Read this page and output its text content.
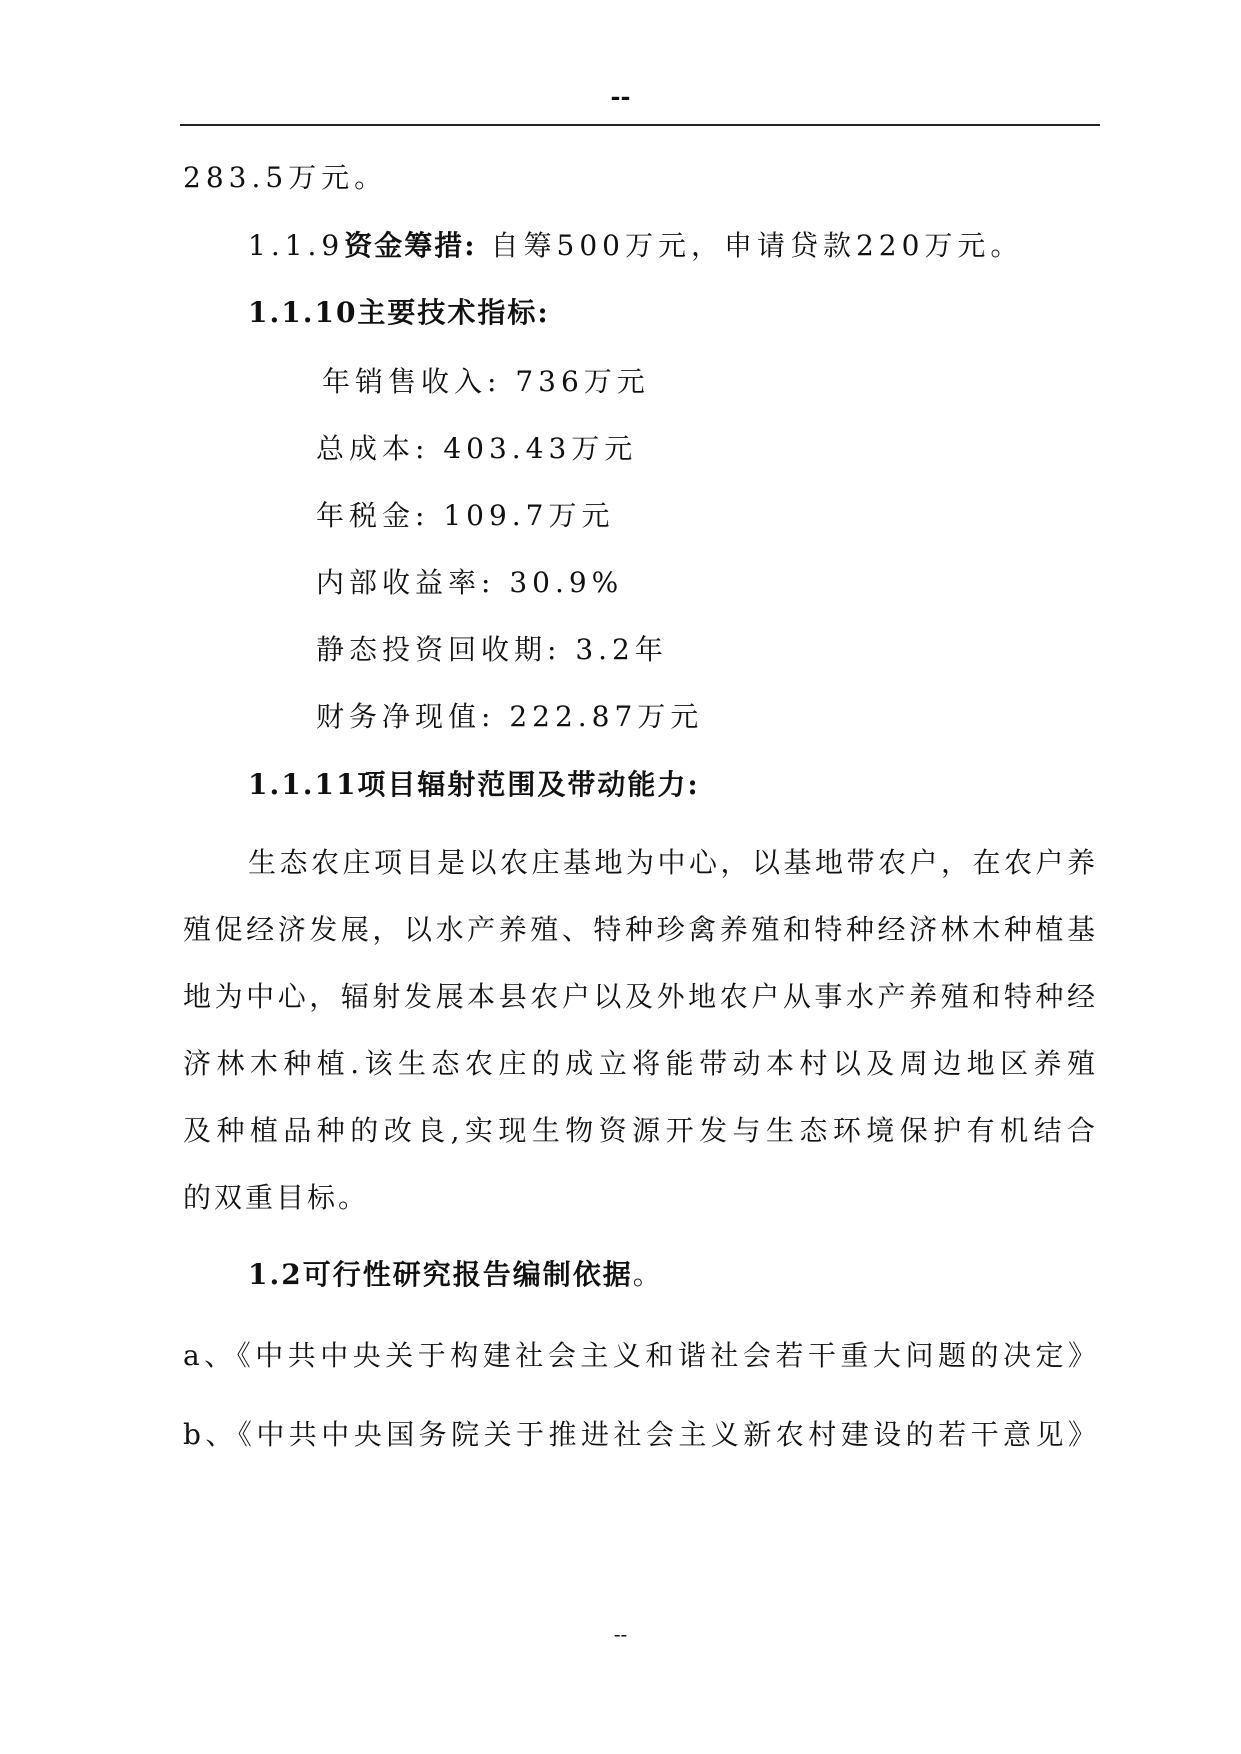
--
283.5万元。
1.1.9资金筹措: 自筹500万元，申请贷款220万元。
1.1.10主要技术指标:
年销售收入: 736万元
总成本: 403.43万元
年税金: 109.7万元
内部收益率: 30.9%
静态投资回收期: 3.2年
财务净现值: 222.87万元
1.1.11项目辐射范围及带动能力:
生态农庄项目是以农庄基地为中心，以基地带农户，在农户养
殖促经济发展，以水产养殖、特种珍禽养殖和特种经济林木种植基
地为中心，辐射发展本县农户以及外地农户从事水产养殖和特种经
济林木种植.该生态农庄的成立将能带动本村以及周边地区养殖
及种植品种的改良,实现生物资源开发与生态环境保护有机结合
的双重目标。
1.2可行性研究报告编制依据。
a、《中共中央关于构建社会主义和谐社会若干重大问题的决定》
b、《中共中央国务院关于推进社会主义新农村建设的若干意见》
--
